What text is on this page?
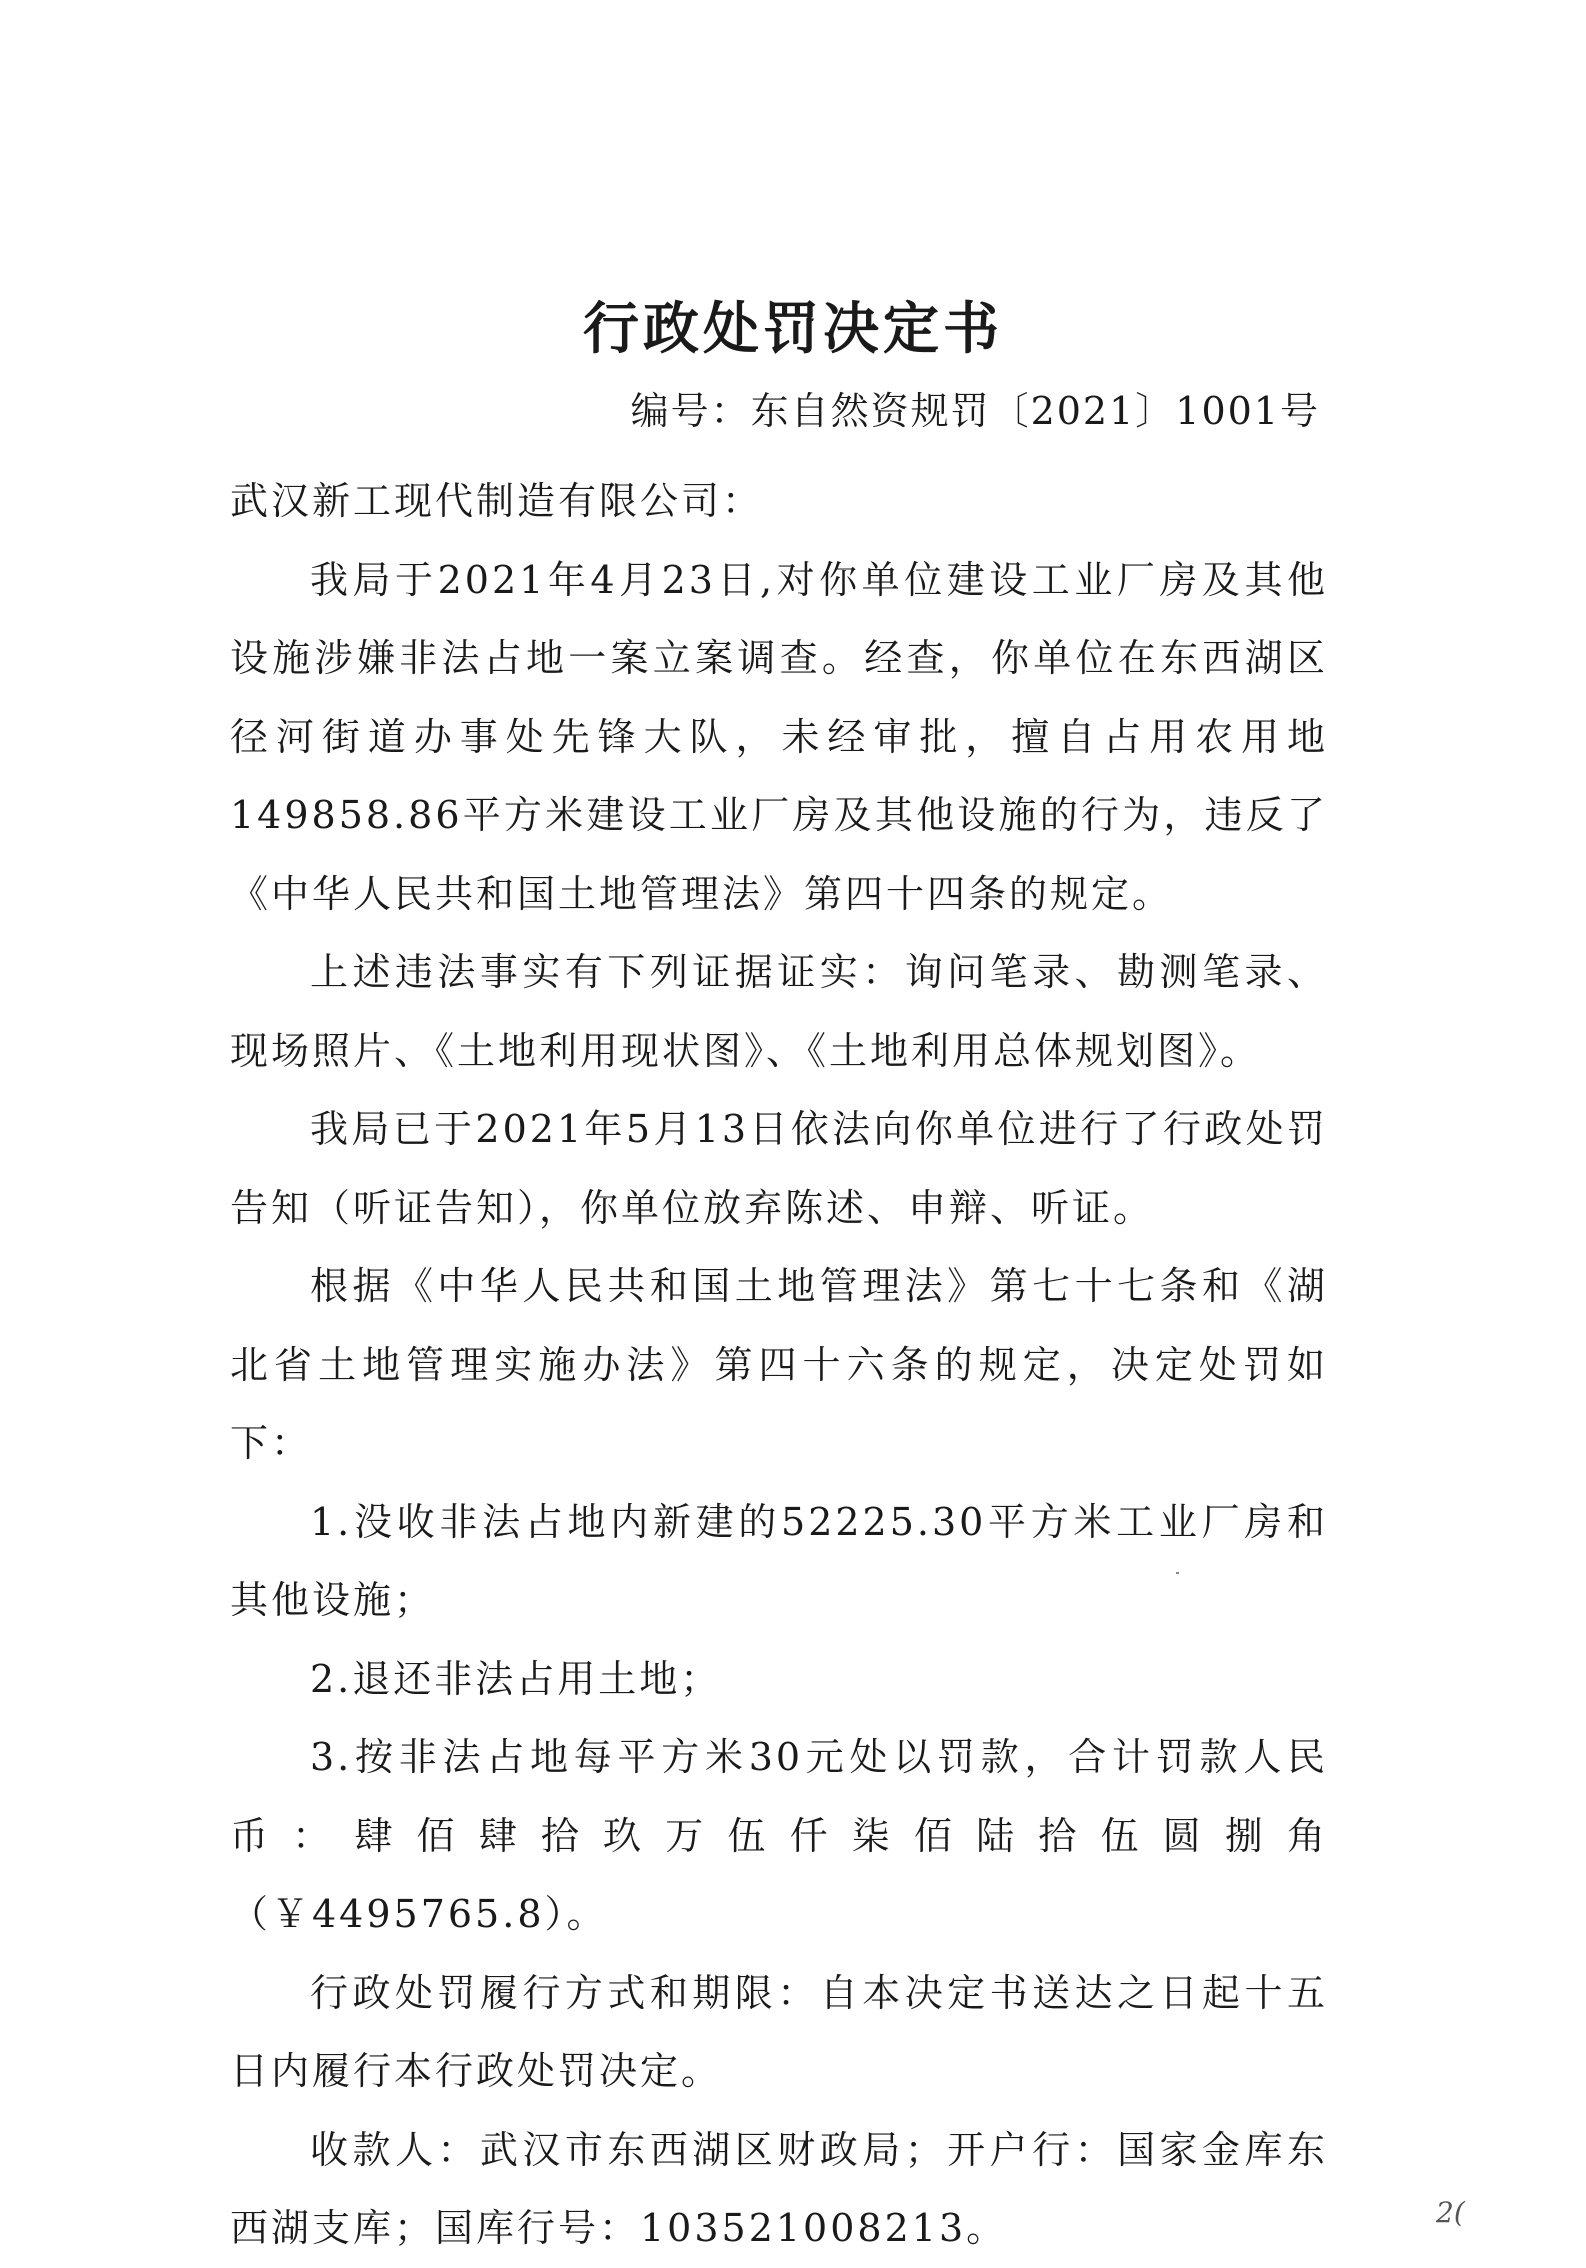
行政处罚决定书
编号：东自然资规罚〔2021〕1001号

武汉新工现代制造有限公司：

我局于2021年4月23日,对你单位建设工业厂房及其他设施涉嫌非法占地一案立案调查。经查，你单位在东西湖区径河街道办事处先锋大队，未经审批，擅自占用农用地149858.86平方米建设工业厂房及其他设施的行为，违反了《中华人民共和国土地管理法》第四十四条的规定。

上述违法事实有下列证据证实：询问笔录、勘测笔录、现场照片、《土地利用现状图》、《土地利用总体规划图》。

我局已于2021年5月13日依法向你单位进行了行政处罚告知（听证告知），你单位放弃陈述、申辩、听证。

根据《中华人民共和国土地管理法》第七十七条和《湖北省土地管理实施办法》第四十六条的规定，决定处罚如下：

1.没收非法占地内新建的52225.30平方米工业厂房和其他设施；

2.退还非法占用土地；

3.按非法占地每平方米30元处以罚款，合计罚款人民币：肆佰肆拾玖万伍仟柒佰陆拾伍圆捌角（￥4495765.8）。

行政处罚履行方式和期限：自本决定书送达之日起十五日内履行本行政处罚决定。

收款人：武汉市东西湖区财政局；开户行：国家金库东西湖支库；国库行号：103521008213。	2(
